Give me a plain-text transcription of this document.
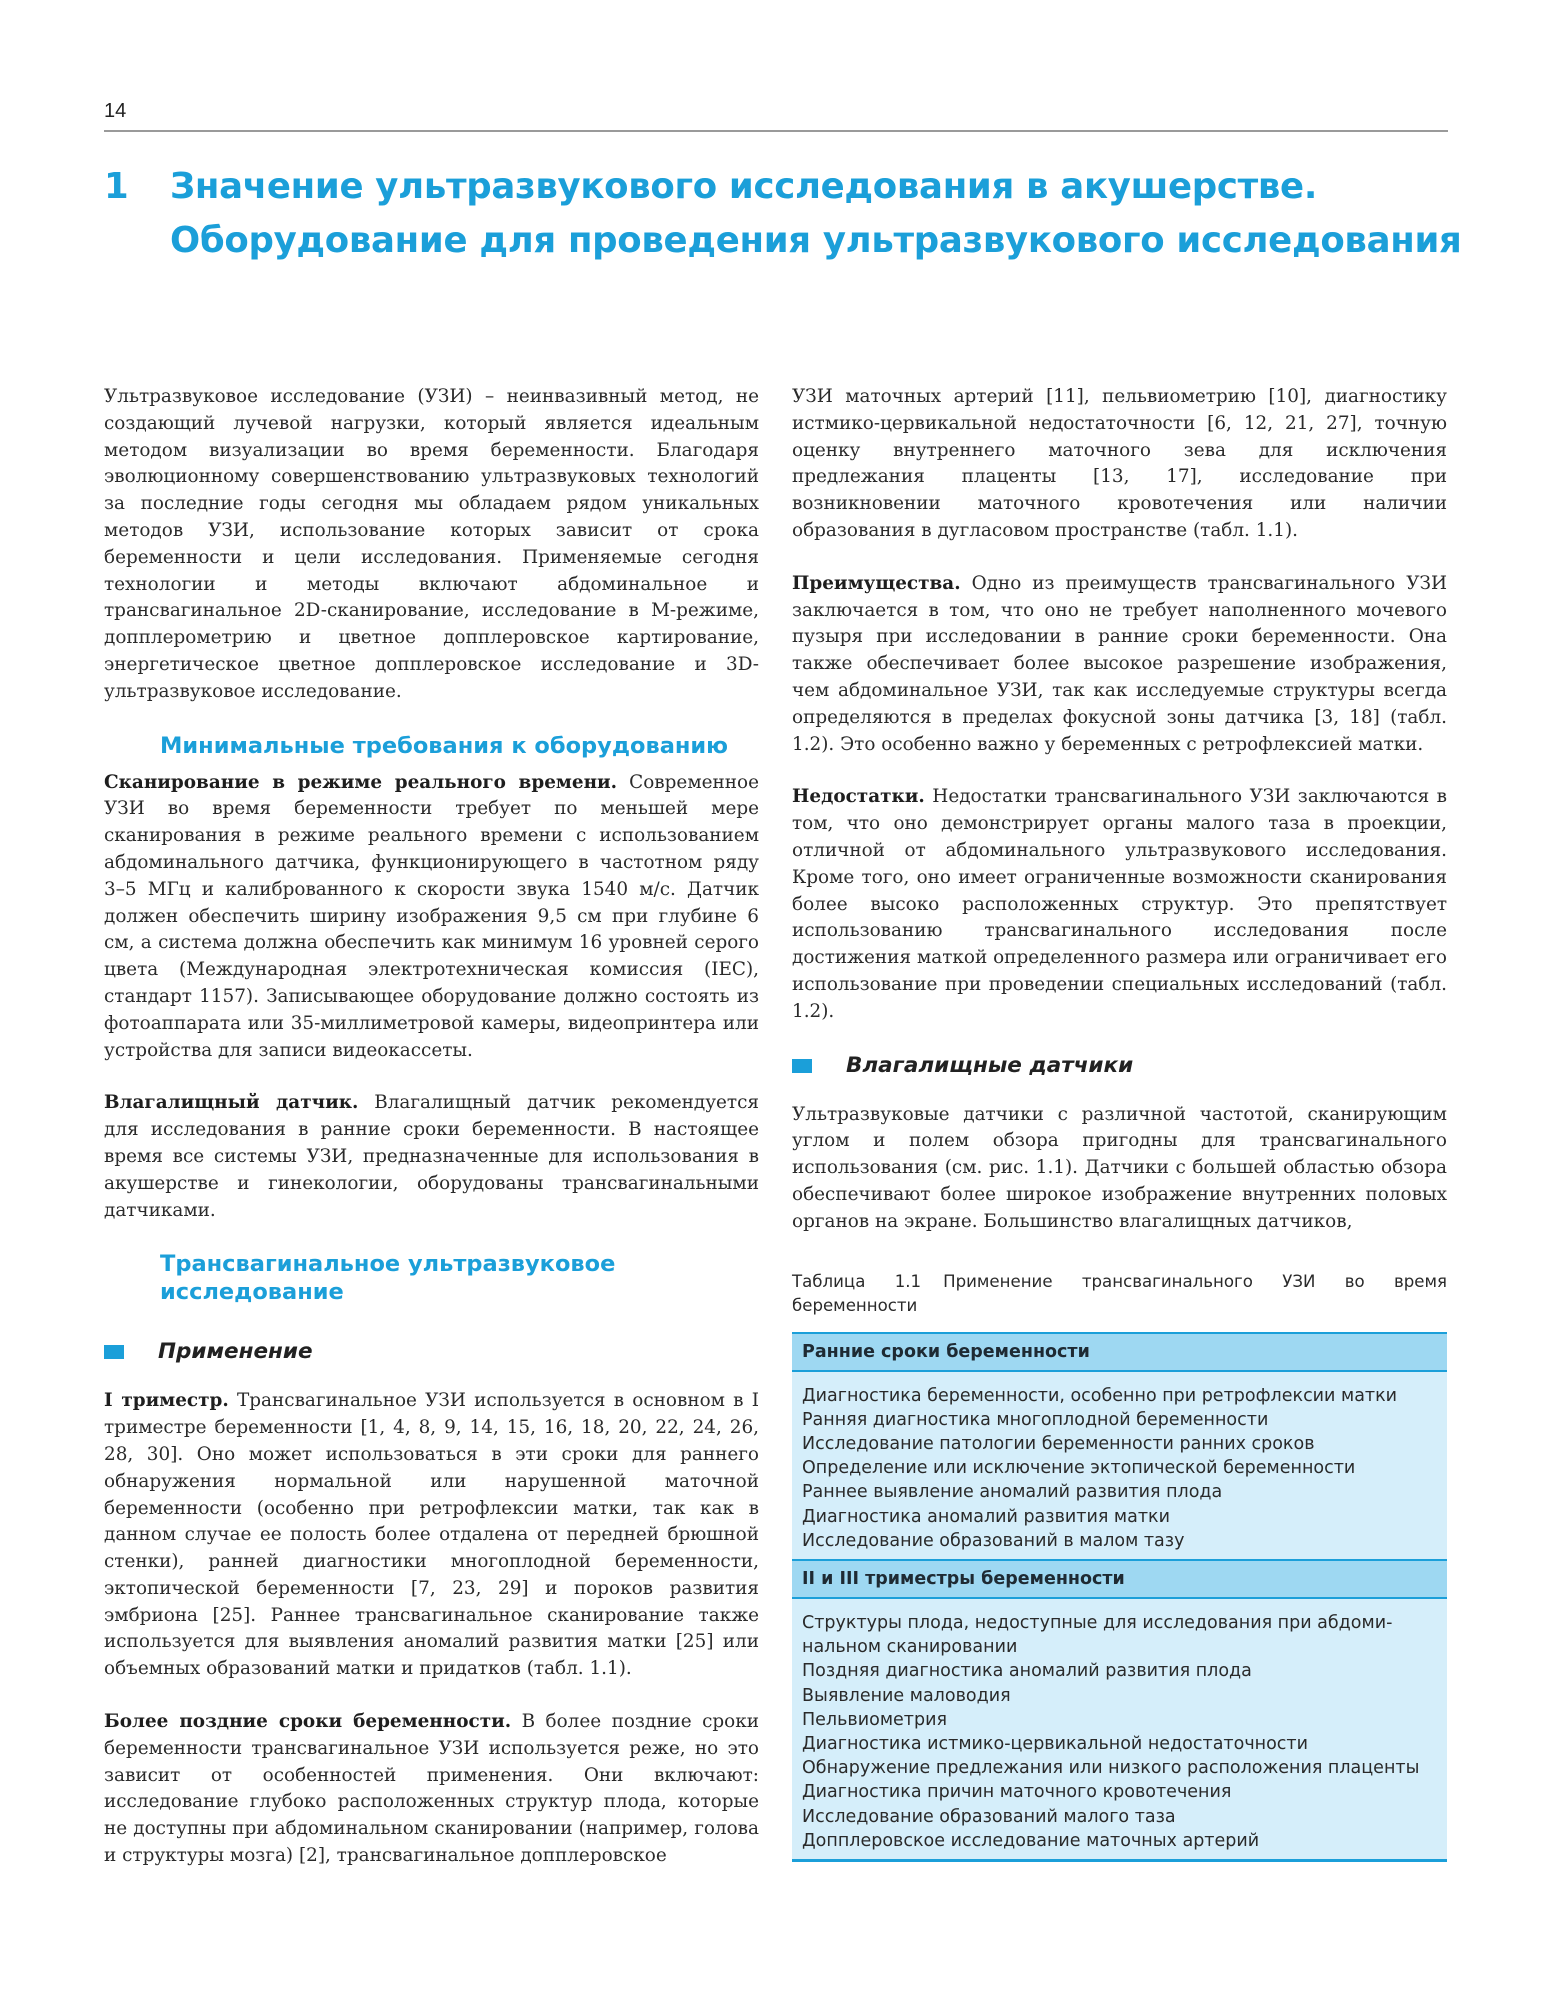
14
1 Значение ультразвукового исследования в акушерстве.
Оборудование для проведения ультразвукового исследования

Ультразвуковое исследование (УЗИ) – неинвазивный метод, не создающий лучевой нагрузки, который является идеальным методом визуализации во время беременности. Благодаря эволюционному совершенствованию ультразвуковых технологий за последние годы сегодня мы обладаем рядом уникальных методов УЗИ, использование которых зависит от срока беременности и цели исследования. Применяемые сегодня технологии и методы включают абдоминальное и трансвагинальное 2D-сканирование, исследование в M-режиме, допплерометрию и цветное допплеровское картирование, энергетическое цветное допплеровское исследование и 3D-ультразвуковое исследование.

Минимальные требования к оборудованию

Сканирование в режиме реального времени. Современное УЗИ во время беременности требует по меньшей мере сканирования в режиме реального времени с использованием абдоминального датчика, функционирующего в частотном ряду 3–5 МГц и калиброванного к скорости звука 1540 м/с. Датчик должен обеспечить ширину изображения 9,5 см при глубине 6 см, а система должна обеспечить как минимум 16 уровней серого цвета (Международная электротехническая комиссия (IEC), стандарт 1157). Записывающее оборудование должно состоять из фотоаппарата или 35-миллиметровой камеры, видеопринтера или устройства для записи видеокассеты.

Влагалищный датчик. Влагалищный датчик рекомендуется для исследования в ранние сроки беременности. В настоящее время все системы УЗИ, предназначенные для использования в акушерстве и гинекологии, оборудованы трансвагинальными датчиками.

Трансвагинальное ультразвуковое исследование
Применение

I триместр. Трансвагинальное УЗИ используется в основном в I триместре беременности [1, 4, 8, 9, 14, 15, 16, 18, 20, 22, 24, 26, 28, 30]. Оно может использоваться в эти сроки для раннего обнаружения нормальной или нарушенной маточной беременности (особенно при ретрофлексии матки, так как в данном случае ее полость более отдалена от передней брюшной стенки), ранней диагностики многоплодной беременности, эктопической беременности [7, 23, 29] и пороков развития эмбриона [25]. Раннее трансвагинальное сканирование также используется для выявления аномалий развития матки [25] или объемных образований матки и придатков (табл. 1.1).

Более поздние сроки беременности. В более поздние сроки беременности трансвагинальное УЗИ используется реже, но это зависит от особенностей применения. Они включают: исследование глубоко расположенных структур плода, которые не доступны при абдоминальном сканировании (например, голова и структуры мозга) [2], трансвагинальное допплеровское

УЗИ маточных артерий [11], пельвиометрию [10], диагностику истмико-цервикальной недостаточности [6, 12, 21, 27], точную оценку внутреннего маточного зева для исключения предлежания плаценты [13, 17], исследование при возникновении маточного кровотечения или наличии образования в дугласовом пространстве (табл. 1.1).

Преимущества. Одно из преимуществ трансвагинального УЗИ заключается в том, что оно не требует наполненного мочевого пузыря при исследовании в ранние сроки беременности. Она также обеспечивает более высокое разрешение изображения, чем абдоминальное УЗИ, так как исследуемые структуры всегда определяются в пределах фокусной зоны датчика [3, 18] (табл. 1.2). Это особенно важно у беременных с ретрофлексией матки.

Недостатки. Недостатки трансвагинального УЗИ заключаются в том, что оно демонстрирует органы малого таза в проекции, отличной от абдоминального ультразвукового исследования. Кроме того, оно имеет ограниченные возможности сканирования более высоко расположенных структур. Это препятствует использованию трансвагинального исследования после достижения маткой определенного размера или ограничивает его использование при проведении специальных исследований (табл. 1.2).

Влагалищные датчики

Ультразвуковые датчики с различной частотой, сканирующим углом и полем обзора пригодны для трансвагинального использования (см. рис. 1.1). Датчики с большей областью обзора обеспечивают более широкое изображение внутренних половых органов на экране. Большинство влагалищных датчиков,

Таблица 1.1 Применение трансвагинального УЗИ во время беременности
Ранние сроки беременности
Диагностика беременности, особенно при ретрофлексии матки
Ранняя диагностика многоплодной беременности
Исследование патологии беременности ранних сроков
Определение или исключение эктопической беременности
Раннее выявление аномалий развития плода
Диагностика аномалий развития матки
Исследование образований в малом тазу
II и III триместры беременности
Структуры плода, недоступные для исследования при абдоми-нальном сканировании
Поздняя диагностика аномалий развития плода
Выявление маловодия
Пельвиометрия
Диагностика истмико-цервикальной недостаточности
Обнаружение предлежания или низкого расположения плаценты
Диагностика причин маточного кровотечения
Исследование образований малого таза
Допплеровское исследование маточных артерий
